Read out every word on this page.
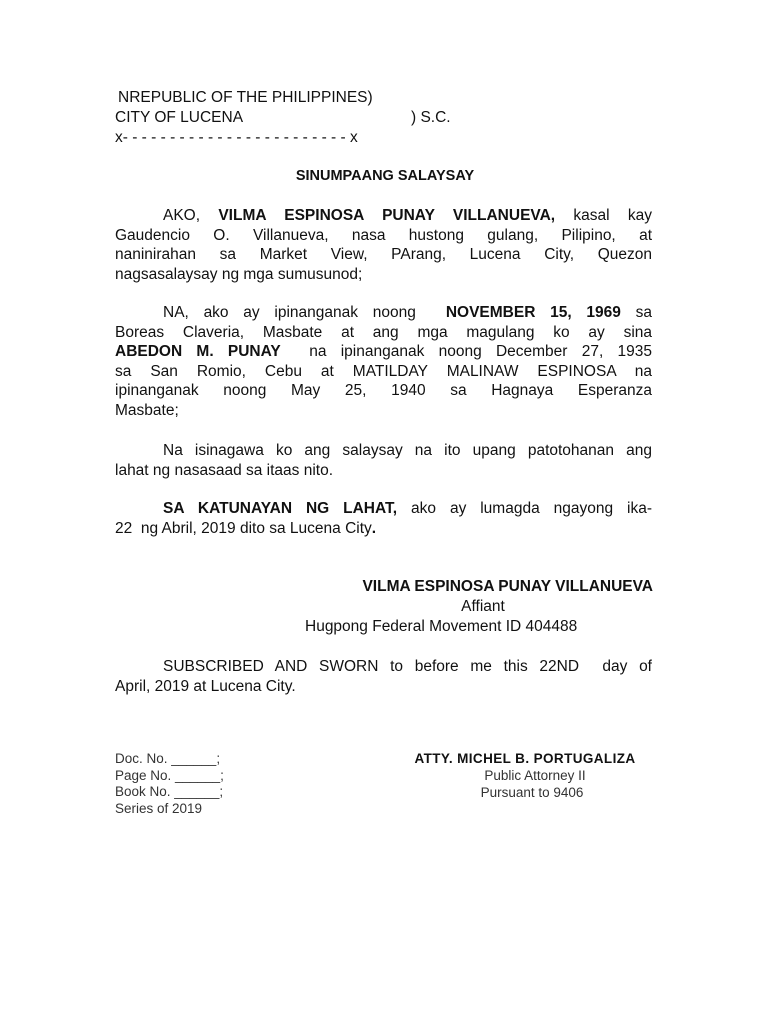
NREPUBLIC OF THE PHILIPPINES)
CITY OF LUCENA	) S.C.
x- - - - - - - - - - - - - - - - - - - - - - - - x
SINUMPAANG SALAYSAY
AKO, VILMA ESPINOSA PUNAY VILLANUEVA, kasal kay
Gaudencio O. Villanueva, nasa hustong gulang, Pilipino, at
naninirahan sa Market View, PArang, Lucena City, Quezon
nagsasalaysay ng mga sumusunod;
NA, ako ay ipinanganak noong NOVEMBER 15, 1969 sa
Boreas Claveria, Masbate at ang mga magulang ko ay sina
ABEDON M. PUNAY  na ipinanganak noong December 27, 1935
sa San Romio, Cebu at MATILDAY MALINAW ESPINOSA na
ipinanganak noong May 25, 1940 sa Hagnaya Esperanza
Masbate;
Na isinagawa ko ang salaysay na ito upang patotohanan ang
lahat ng nasasaad sa itaas nito.
SA KATUNAYAN NG LAHAT, ako ay lumagda ngayong ika-
22  ng Abril, 2019 dito sa Lucena City.
VILMA ESPINOSA PUNAY VILLANUEVA
Affiant
Hugpong Federal Movement ID 404488
SUBSCRIBED AND SWORN to before me this 22ND  day of
April, 2019 at Lucena City.
Doc. No. ______;
Page No. ______;
Book No. ______;
Series of 2019
ATTY. MICHEL B. PORTUGALIZA
Public Attorney II
Pursuant to 9406
